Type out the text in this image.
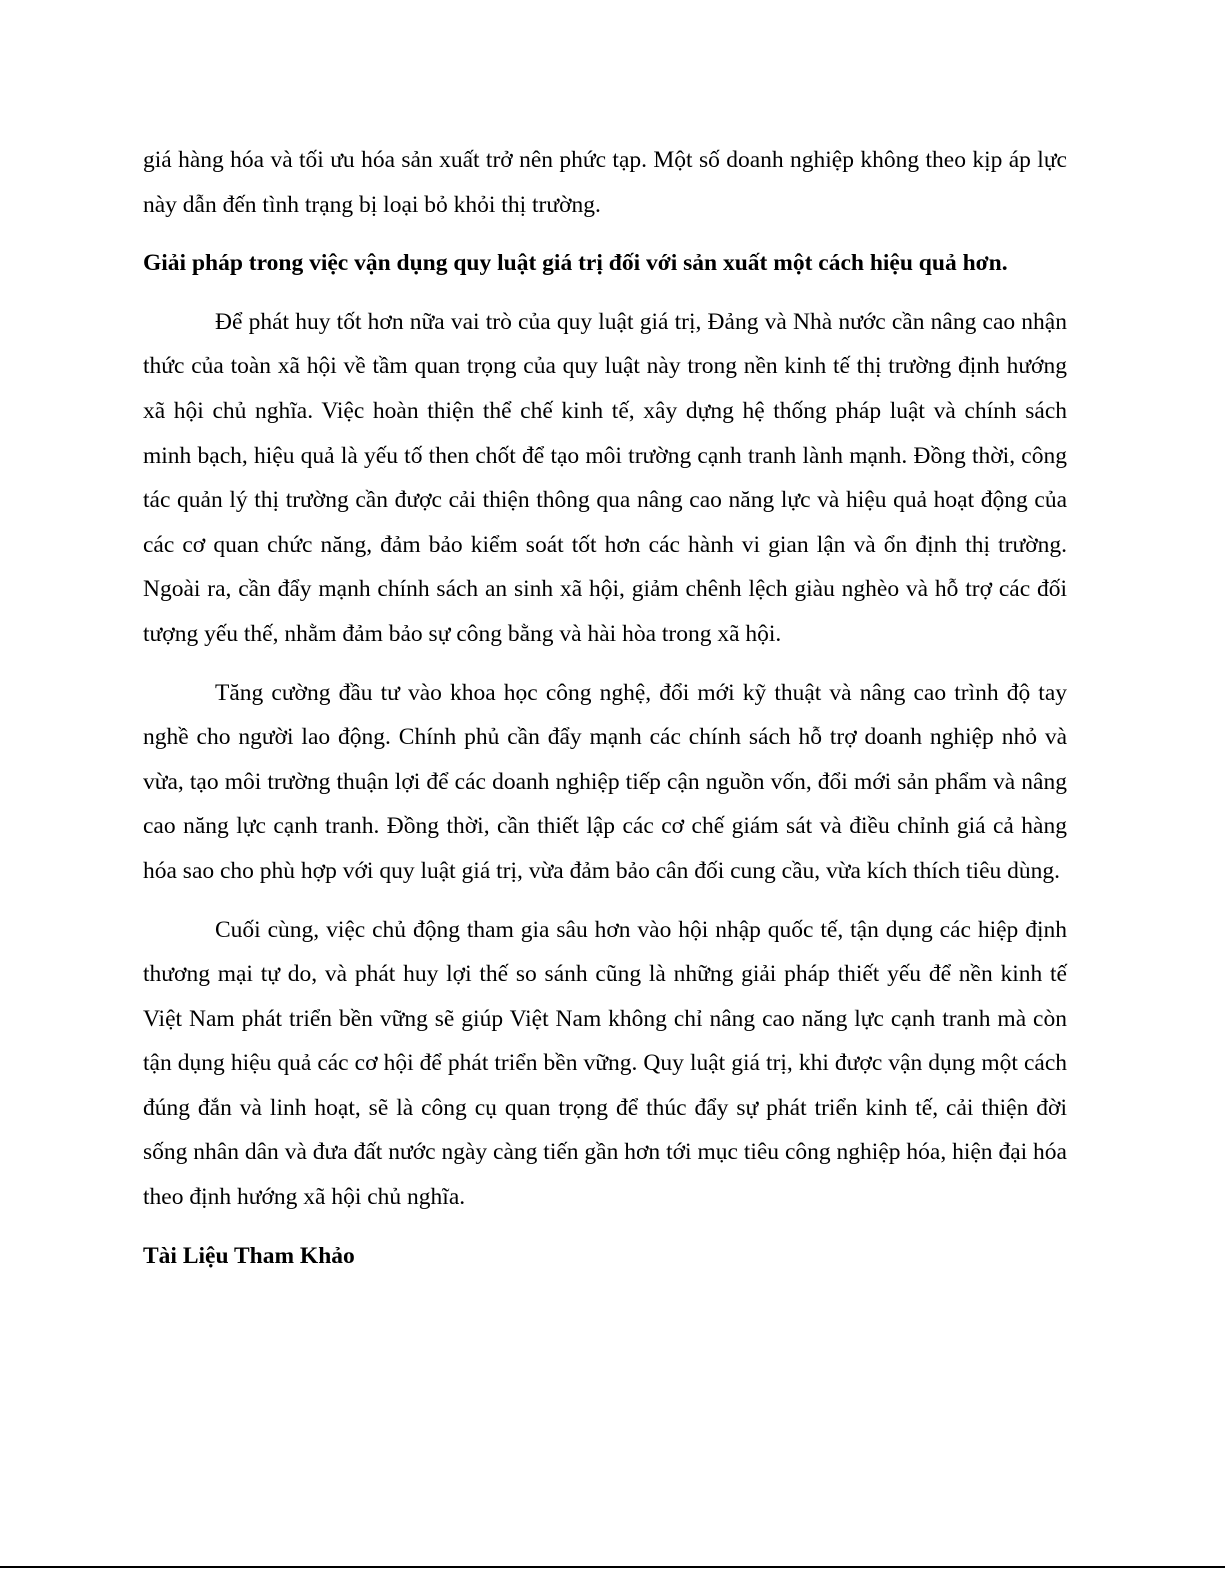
giá hàng hóa và tối ưu hóa sản xuất trở nên phức tạp. Một số doanh nghiệp không theo kịp áp lực này dẫn đến tình trạng bị loại bỏ khỏi thị trường.

Giải pháp trong việc vận dụng quy luật giá trị đối với sản xuất một cách hiệu quả hơn.

Để phát huy tốt hơn nữa vai trò của quy luật giá trị, Đảng và Nhà nước cần nâng cao nhận thức của toàn xã hội về tầm quan trọng của quy luật này trong nền kinh tế thị trường định hướng xã hội chủ nghĩa. Việc hoàn thiện thể chế kinh tế, xây dựng hệ thống pháp luật và chính sách minh bạch, hiệu quả là yếu tố then chốt để tạo môi trường cạnh tranh lành mạnh. Đồng thời, công tác quản lý thị trường cần được cải thiện thông qua nâng cao năng lực và hiệu quả hoạt động của các cơ quan chức năng, đảm bảo kiểm soát tốt hơn các hành vi gian lận và ổn định thị trường. Ngoài ra, cần đẩy mạnh chính sách an sinh xã hội, giảm chênh lệch giàu nghèo và hỗ trợ các đối tượng yếu thế, nhằm đảm bảo sự công bằng và hài hòa trong xã hội.

Tăng cường đầu tư vào khoa học công nghệ, đổi mới kỹ thuật và nâng cao trình độ tay nghề cho người lao động. Chính phủ cần đẩy mạnh các chính sách hỗ trợ doanh nghiệp nhỏ và vừa, tạo môi trường thuận lợi để các doanh nghiệp tiếp cận nguồn vốn, đổi mới sản phẩm và nâng cao năng lực cạnh tranh. Đồng thời, cần thiết lập các cơ chế giám sát và điều chỉnh giá cả hàng hóa sao cho phù hợp với quy luật giá trị, vừa đảm bảo cân đối cung cầu, vừa kích thích tiêu dùng.

Cuối cùng, việc chủ động tham gia sâu hơn vào hội nhập quốc tế, tận dụng các hiệp định thương mại tự do, và phát huy lợi thế so sánh cũng là những giải pháp thiết yếu để nền kinh tế Việt Nam phát triển bền vững sẽ giúp Việt Nam không chỉ nâng cao năng lực cạnh tranh mà còn tận dụng hiệu quả các cơ hội để phát triển bền vững. Quy luật giá trị, khi được vận dụng một cách đúng đắn và linh hoạt, sẽ là công cụ quan trọng để thúc đẩy sự phát triển kinh tế, cải thiện đời sống nhân dân và đưa đất nước ngày càng tiến gần hơn tới mục tiêu công nghiệp hóa, hiện đại hóa theo định hướng xã hội chủ nghĩa.

Tài Liệu Tham Khảo
